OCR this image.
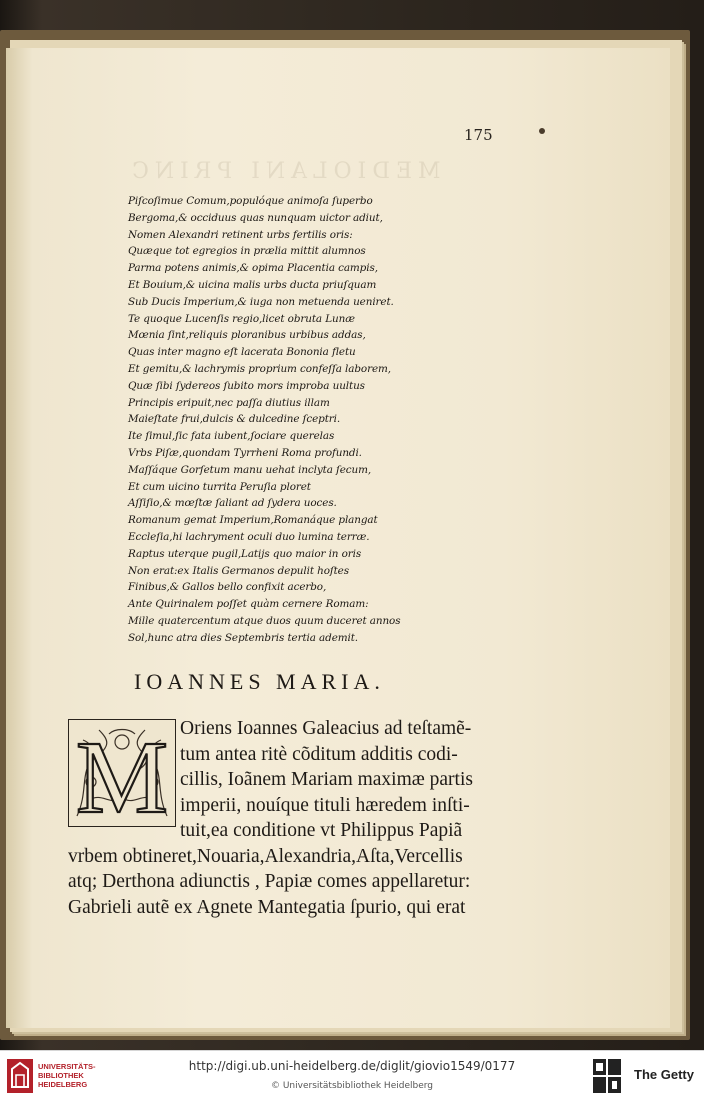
MEDIOLANI PRINC
175
Piſcoſimue Comum,populóque animoſa ſuperbo
Bergoma,& occiduus quas nunquam uictor adiut,
Nomen Alexandri retinent urbs fertilis oris:
Quæque tot egregios in prælia mittit alumnos
Parma potens animis,& opima Placentia campis,
Et Bouium,& uicina malis urbs ducta priuſquam
Sub Ducis Imperium,& iuga non metuenda ueniret.
Te quoque Lucenſis regio,licet obruta Lunæ
Mœnia ſint,reliquis ploranibus urbibus addas,
Quas inter magno eſt lacerata Bononia fletu
Et gemitu,& lachrymis proprium confeſſa laborem,
Quæ ſibi ſydereos ſubito mors improba uultus
Principis eripuit,nec paſſa diutius illam
Maieſtate frui,dulcis & dulcedine ſceptri.
Ite ſimul,ſic fata iubent,ſociare querelas
Vrbs Piſæ,quondam Tyrrheni Roma profundi.
Maſſáque Gorſetum manu uehat inclyta ſecum,
Et cum uicino turrita Peruſia ploret
Aſſiſio,& mœſtæ ſaliant ad ſydera uoces.
Romanum gemat Imperium,Romanáque plangat
Eccleſia,hi lachryment oculi duo lumina terræ.
Raptus uterque pugil,Latijs quo maior in oris
Non erat:ex Italis Germanos depulit hoſtes
Finibus,& Gallos bello confixit acerbo,
Ante Quirinalem poſſet quàm cernere Romam:
Mille quatercentum atque duos quum duceret annos
Sol,hunc atra dies Septembris tertia ademit.
IOANNES MARIA.
Oriens Ioannes Galeacius ad teſtamẽ-
tum antea ritè cõditum additis codi-
cillis, Ioãnem Mariam maximæ partis
imperii, nouíque tituli hæredem inſti-
tuit,ea conditione vt Philippus Papiã
vrbem obtineret,Nouaria,Alexandria,Aſta,Vercellis
atq; Derthona adiunctis , Papiæ comes appellaretur:
Gabrieli autẽ ex Agnete Mantegatia ſpurio, qui erat
M
UNIVERSITÄTS-
BIBLIOTHEK
HEIDELBERG
http://digi.ub.uni-heidelberg.de/diglit/giovio1549/0177
© Universitätsbibliothek Heidelberg
The Getty
